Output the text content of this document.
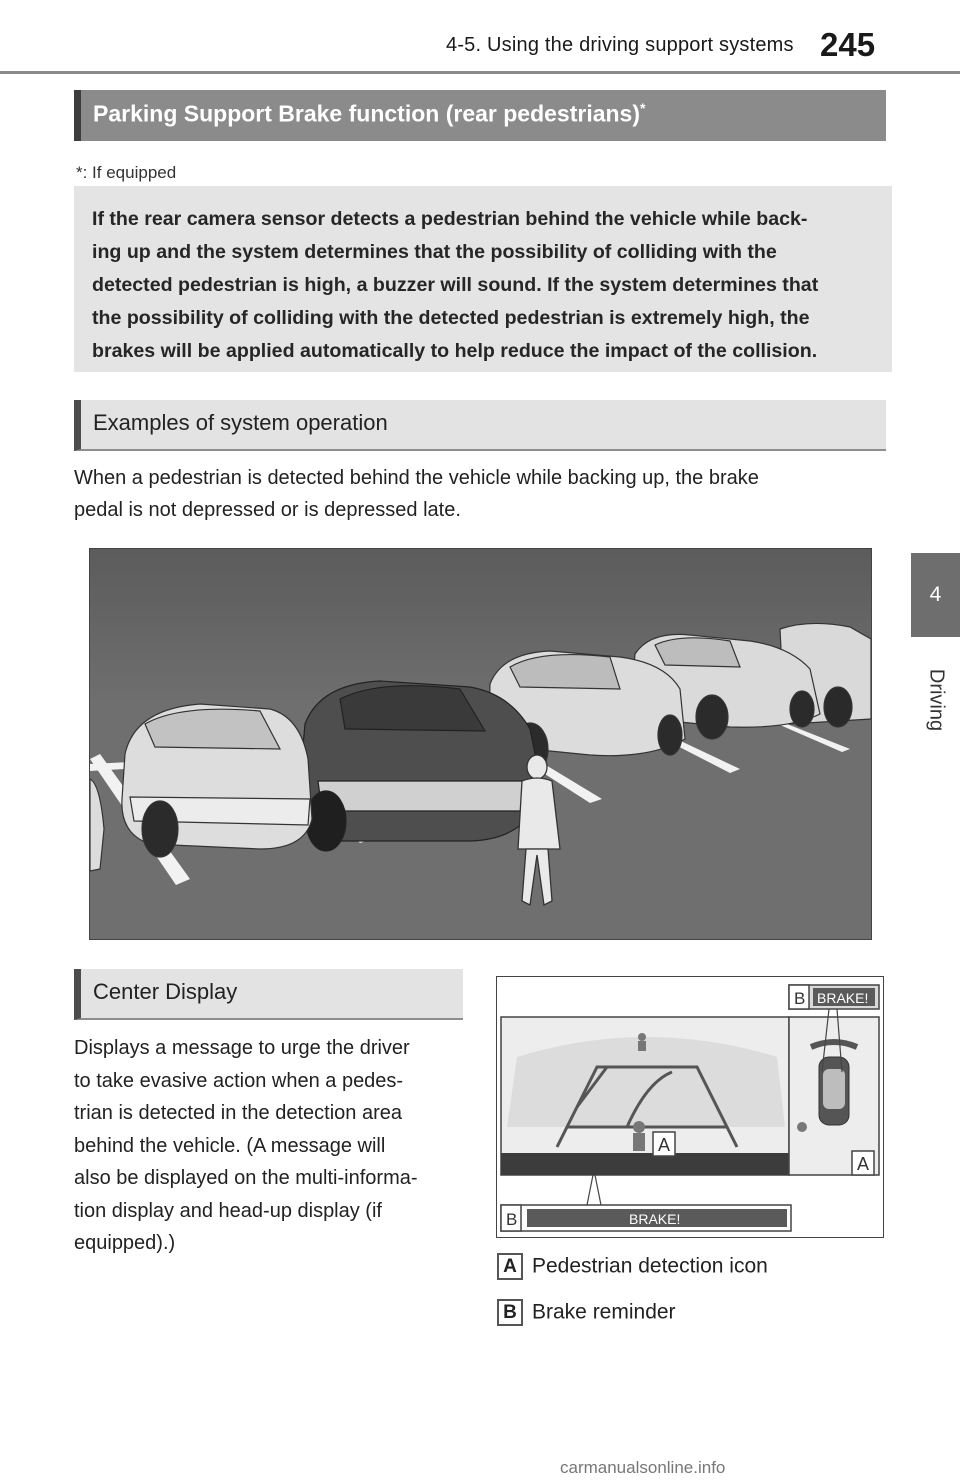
4-5. Using the driving support systems 245
4
Driving
Parking Support Brake function (rear pedestrians)*
*: If equipped
If the rear camera sensor detects a pedestrian behind the vehicle while back-
ing up and the system determines that the possibility of colliding with the
detected pedestrian is high, a buzzer will sound. If the system determines that
the possibility of colliding with the detected pedestrian is extremely high, the
brakes will be applied automatically to help reduce the impact of the collision.
Examples of system operation
When a pedestrian is detected behind the vehicle while backing up, the brake
pedal is not depressed or is depressed late.
Center Display
Displays a message to urge the driver
to take evasive action when a pedes-
trian is detected in the detection area
behind the vehicle. (A message will
also be displayed on the multi-informa-
tion display and head-up display (if
equipped).)
A
A
B BRAKE!
B	BRAKE!
A Pedestrian detection icon
B Brake reminder
carmanualsonline.info
